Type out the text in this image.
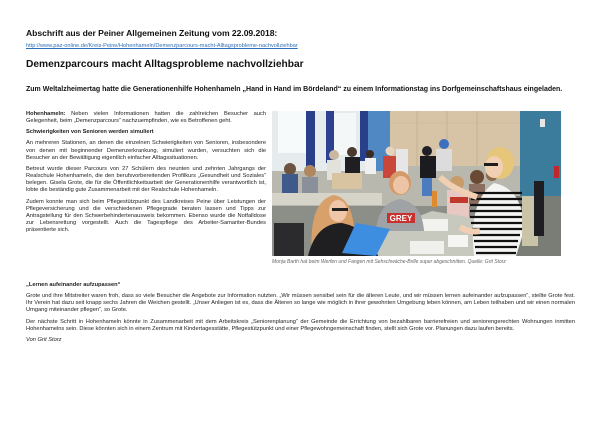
Abschrift aus der Peiner Allgemeinen Zeitung vom 22.09.2018:
http://www.paz-online.de/Kreis-Peine/Hohenhameln/Demenzparcours-macht-Alltagsprobleme-nachvollziehbar
Demenzparcours macht Alltagsprobleme nachvollziehbar
Zum Weltalzheimertag hatte die Generationenhilfe Hohenhameln „Hand in Hand im Bördeland“ zu einem Informationstag ins Dorfgemeinschaftshaus eingeladen.

Hohenhameln: Neben vielen Informationen hatten die zahlreichen Besucher auch Gelegenheit, beim „Demenzparcours“ nachzuempfinden, wie es Betroffenen geht.

Schwierigkeiten von Senioren werden simuliert

An mehreren Stationen, an denen die einzelnen Schwierigkeiten von Senioren, insbesondere von denen mit beginnender Demenzerkrankung, simuliert wurden, versuchten sich die Besucher an der Bewältigung eigentlich einfacher Alltagssituationen.

Betreut wurde dieser Parcours von 27 Schülern des neunten und zehnten Jahrgangs der Realschule Hohenhameln, die den berufsvorbereitenden Profilkurs „Gesundheit und Soziales“ belegen. Gisela Grote, die für die Öffentlichkeitsarbeit der Generationenhilfe verantwortlich ist, lobte die beständig gute Zusammenarbeit mit der Realschule Hohenhameln.

Zudem konnte man sich beim Pflegestützpunkt des Landkreises Peine über Leistungen der Pflegeversicherung und die verschiedenen Pflegegrade beraten lassen und Tipps zur Antragstellung für den Schwerbehindertenausweis bekommen. Ebenso wurde die Notfalldose zur Lebensrettung vorgestellt. Auch die Tagespflege des Arbeiter-Samariter-Bundes präsentierte sich.

GREY
Monja Barth hat beim Werfen und Fangen mit Sehschwäche-Brille super abgeschnitten. Quelle: Grit Storz

„Lernen aufeinander aufzupassen“

Grote und ihre Mitstreiter waren froh, dass so viele Besucher die Angebote zur Information nutzten. „Wir müssen sensibel sein für die älteren Leute, und wir müssen lernen aufeinander aufzupassen“, stellte Grote fest. Ihr Verein hat dazu seit knapp sechs Jahren die Weichen gestellt. „Unser Anliegen ist es, dass die Älteren so lange wie möglich in ihrer gewohnten Umgebung leben können, am Leben teilhaben und wir einen normalen Umgang miteinander pflegen“, so Grote.

Der nächste Schritt in Hohenhameln könnte in Zusammenarbeit mit dem Arbeitskreis „Seniorenplanung“ der Gemeinde die Errichtung von bezahlbaren barrierefreien und seniorengerechten Wohnungen inmitten Hohenhamelns sein. Diese könnten sich in einem Zentrum mit Kindertagesstätte, Pflegestützpunkt und einer Pflegewohngemeinschaft finden, stellt sich Grote vor. Planungen dazu laufen bereits.

Von Grit Storz
